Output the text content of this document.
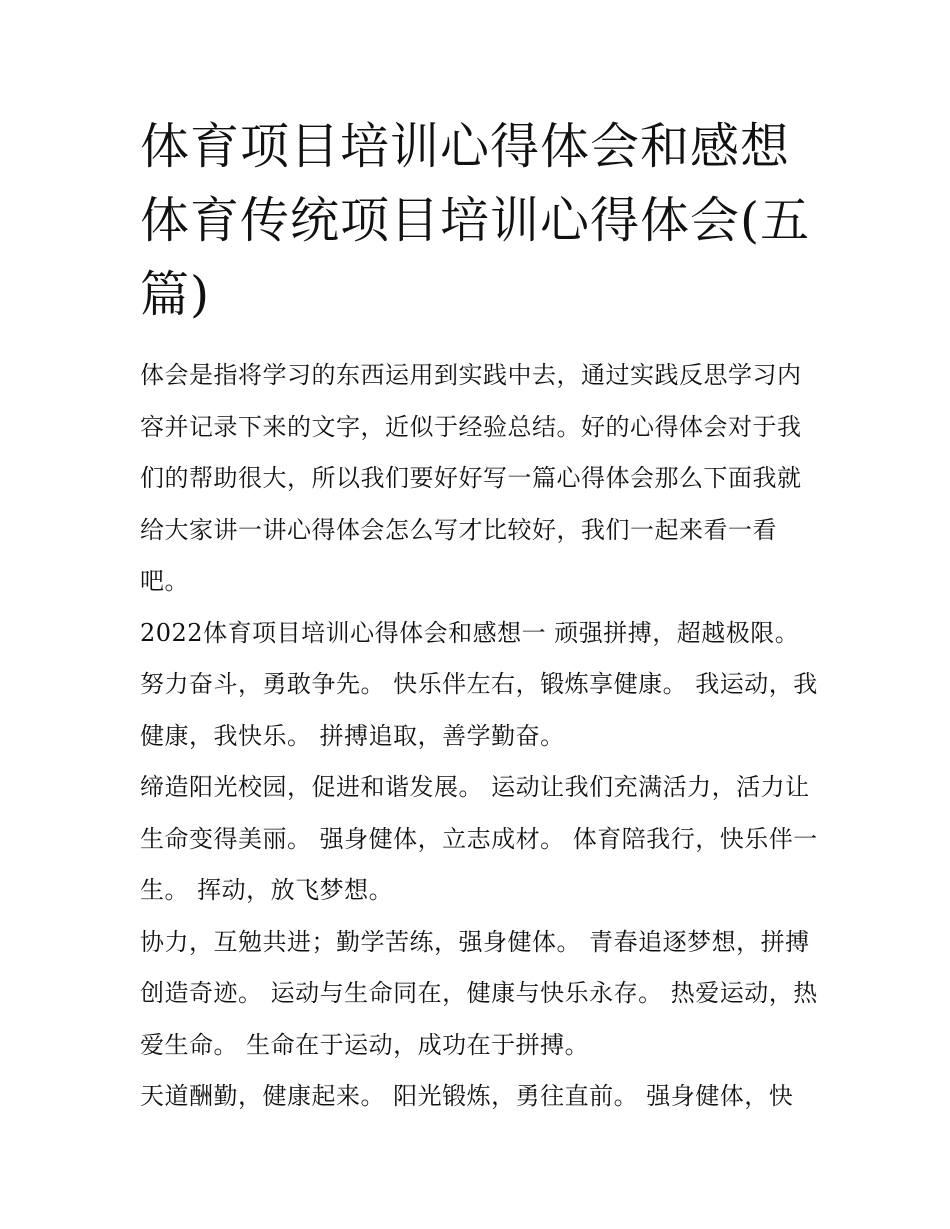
体育项目培训心得体会和感想体育传统项目培训心得体会(五篇)

体会是指将学习的东西运用到实践中去，通过实践反思学习内容并记录下来的文字，近似于经验总结。好的心得体会对于我们的帮助很大，所以我们要好好写一篇心得体会那么下面我就给大家讲一讲心得体会怎么写才比较好，我们一起来看一看吧。

2022体育项目培训心得体会和感想一 顽强拼搏，超越极限。 努力奋斗，勇敢争先。 快乐伴左右，锻炼享健康。 我运动，我健康，我快乐。 拼搏追取，善学勤奋。

缔造阳光校园，促进和谐发展。 运动让我们充满活力，活力让生命变得美丽。 强身健体，立志成材。 体育陪我行，快乐伴一生。 挥动，放飞梦想。

协力，互勉共进；勤学苦练，强身健体。 青春追逐梦想，拼搏创造奇迹。 运动与生命同在，健康与快乐永存。 热爱运动，热爱生命。 生命在于运动，成功在于拼搏。

天道酬勤，健康起来。 阳光锻炼，勇往直前。 强身健体，快
